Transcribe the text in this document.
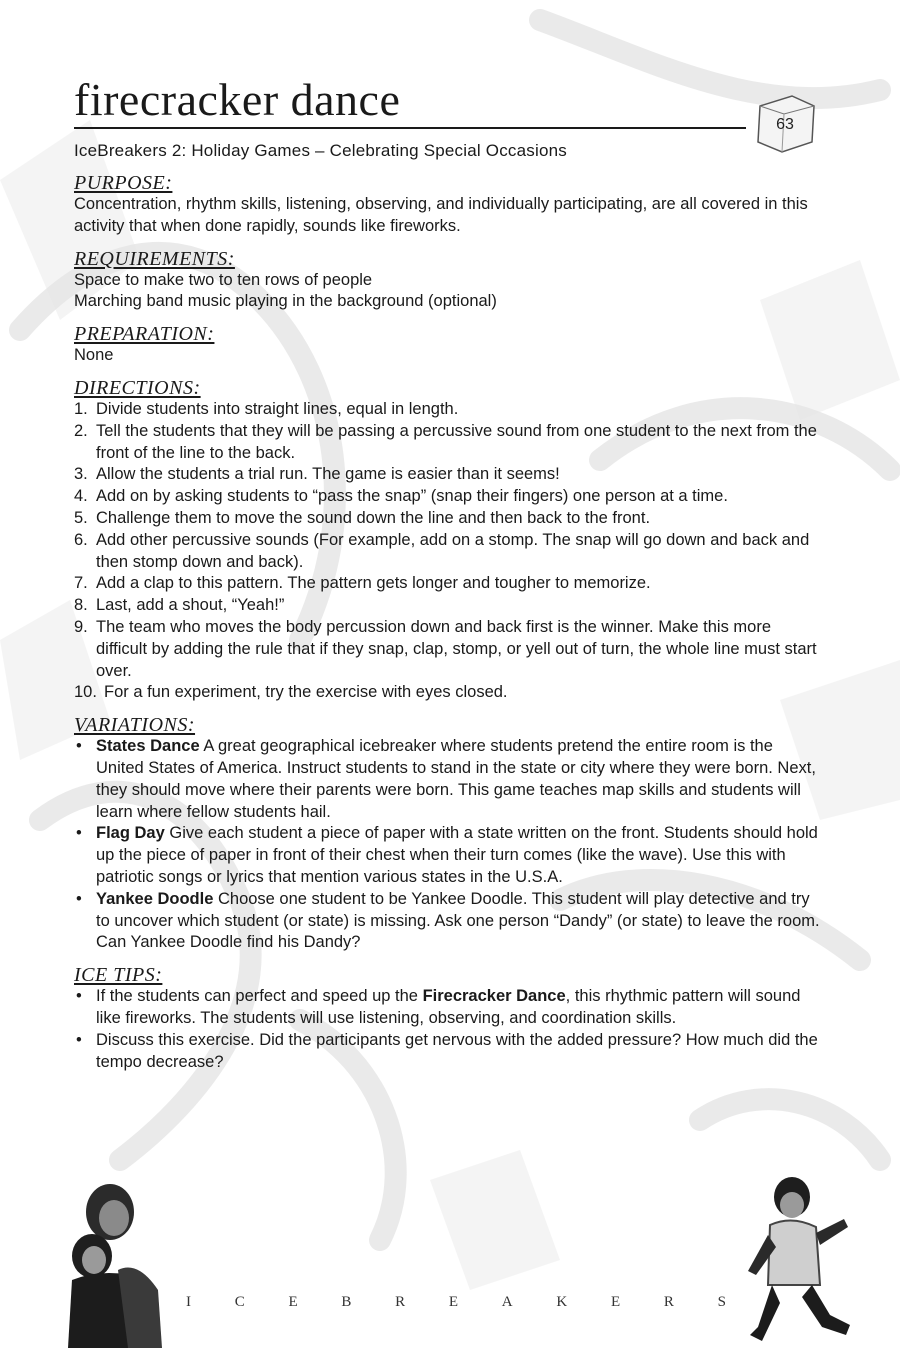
firecracker dance	63
IceBreakers 2: Holiday Games – Celebrating Special Occasions
PURPOSE:

Concentration, rhythm skills, listening, observing, and individually participating, are all covered in this activity that when done rapidly, sounds like fireworks.

REQUIREMENTS:

Space to make two to ten rows of people

Marching band music playing in the background (optional)

PREPARATION:

None

DIRECTIONS:
1. Divide students into straight lines, equal in length.
2. Tell the students that they will be passing a percussive sound from one student to the next from the front of the line to the back.
3. Allow the students a trial run. The game is easier than it seems!
4. Add on by asking students to “pass the snap” (snap their fingers) one person at a time.
5. Challenge them to move the sound down the line and then back to the front.
6. Add other percussive sounds (For example, add on a stomp. The snap will go down and back and then stomp down and back).
7. Add a clap to this pattern. The pattern gets longer and tougher to memorize.
8. Last, add a shout, “Yeah!”
9. The team who moves the body percussion down and back first is the winner. Make this more difficult by adding the rule that if they snap, clap, stomp, or yell out of turn, the whole line must start over.
10. For a fun experiment, try the exercise with eyes closed.
VARIATIONS:
• States Dance A great geographical icebreaker where students pretend the entire room is the United States of America. Instruct students to stand in the state or city where they were born. Next, they should move where their parents were born. This game teaches map skills and students will learn where fellow students hail.
• Flag Day Give each student a piece of paper with a state written on the front. Students should hold up the piece of paper in front of their chest when their turn comes (like the wave). Use this with patriotic songs or lyrics that mention various states in the U.S.A.
• Yankee Doodle Choose one student to be Yankee Doodle. This student will play detective and try to uncover which student (or state) is missing. Ask one person “Dandy” (or state) to leave the room. Can Yankee Doodle find his Dandy?
ICE TIPS:
• If the students can perfect and speed up the Firecracker Dance, this rhythmic pattern will sound like fireworks. The students will use listening, observing, and coordination skills.
• Discuss this exercise. Did the participants get nervous with the added pressure? How much did the tempo decrease?
I	C	E	B	R	E	A	K	E	R	S
